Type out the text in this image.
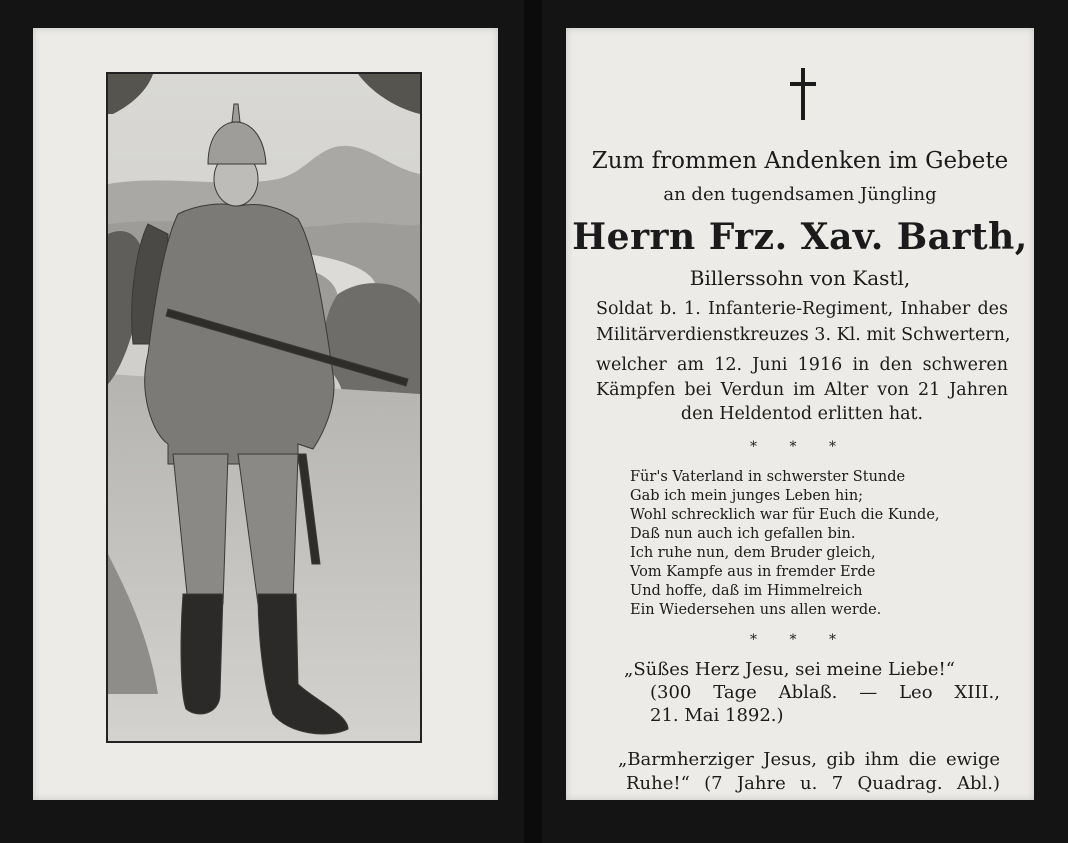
Zum frommen Andenken im Gebete
an den tugendsamen Jüngling
Herrn Frz. Xav. Barth,
Billerssohn von Kastl,
Soldat b. 1. Infanterie-Regiment, Inhaber des
Militärverdienstkreuzes 3. Kl. mit Schwertern,
welcher am 12. Juni 1916 in den schweren
Kämpfen bei Verdun im Alter von 21 Jahren
den Heldentod erlitten hat.
* * *
Für's Vaterland in schwerster Stunde
Gab ich mein junges Leben hin;
Wohl schrecklich war für Euch die Kunde,
Daß nun auch ich gefallen bin.
Ich ruhe nun, dem Bruder gleich,
Vom Kampfe aus in fremder Erde
Und hoffe, daß im Himmelreich
Ein Wiedersehen uns allen werde.
* * *
„Süßes Herz Jesu, sei meine Liebe!“
(300 Tage Ablaß. — Leo XIII.,
21. Mai 1892.)
„Barmherziger Jesus, gib ihm die ewige
Ruhe!“ (7 Jahre u. 7 Quadrag. Abl.)
